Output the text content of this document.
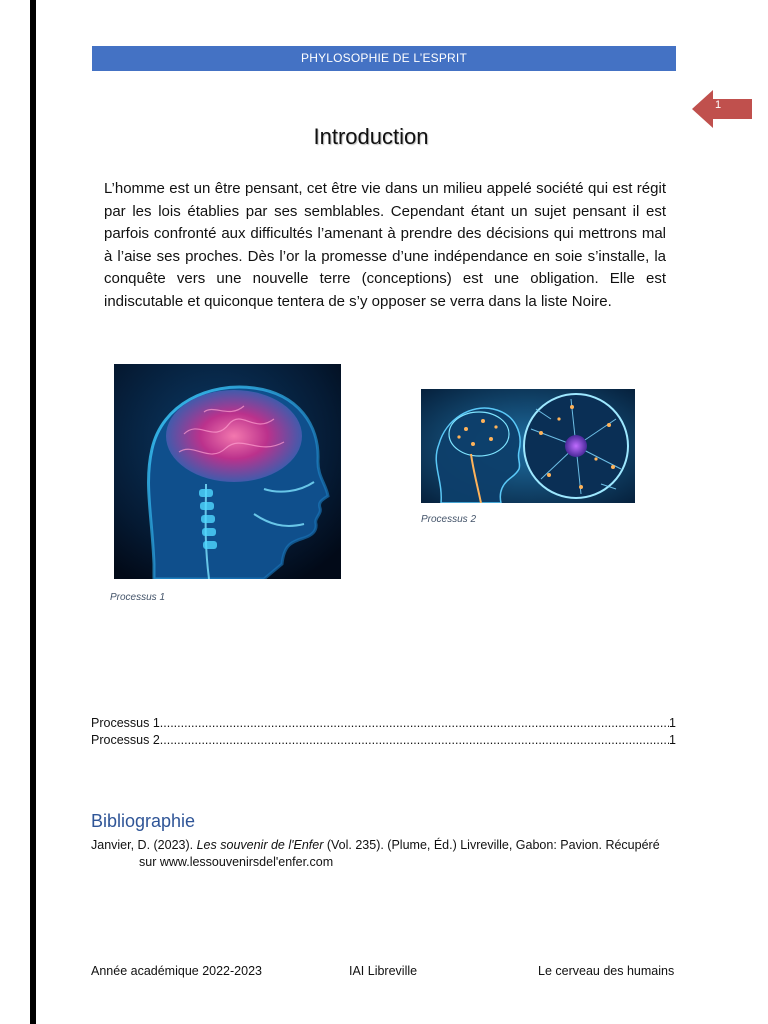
PHYLOSOPHIE DE L’ESPRIT
1
Introduction

L’homme est un être pensant, cet être vie dans un milieu appelé société qui est régit par les lois établies par ses semblables. Cependant étant un sujet pensant il est parfois confronté aux difficultés l’amenant à prendre des décisions qui mettrons mal à l’aise ses proches. Dès l’or la promesse d’une indépendance en soie s’installe, la conquête vers une nouvelle terre (conceptions) est une obligation. Elle est indiscutable et quiconque tentera de s’y opposer se verra dans la liste Noire.

Processus 1
Processus 2
Processus 1 .....	1
Processus 2 .....	1
Bibliographie
Janvier, D. (2023). Les souvenir de l'Enfer (Vol. 235). (Plume, Éd.) Livreville, Gabon: Pavion. Récupéré sur www.lessouvenirsdel'enfer.com
Année académique 2022-2023	IAI Libreville	Le cerveau des humains
